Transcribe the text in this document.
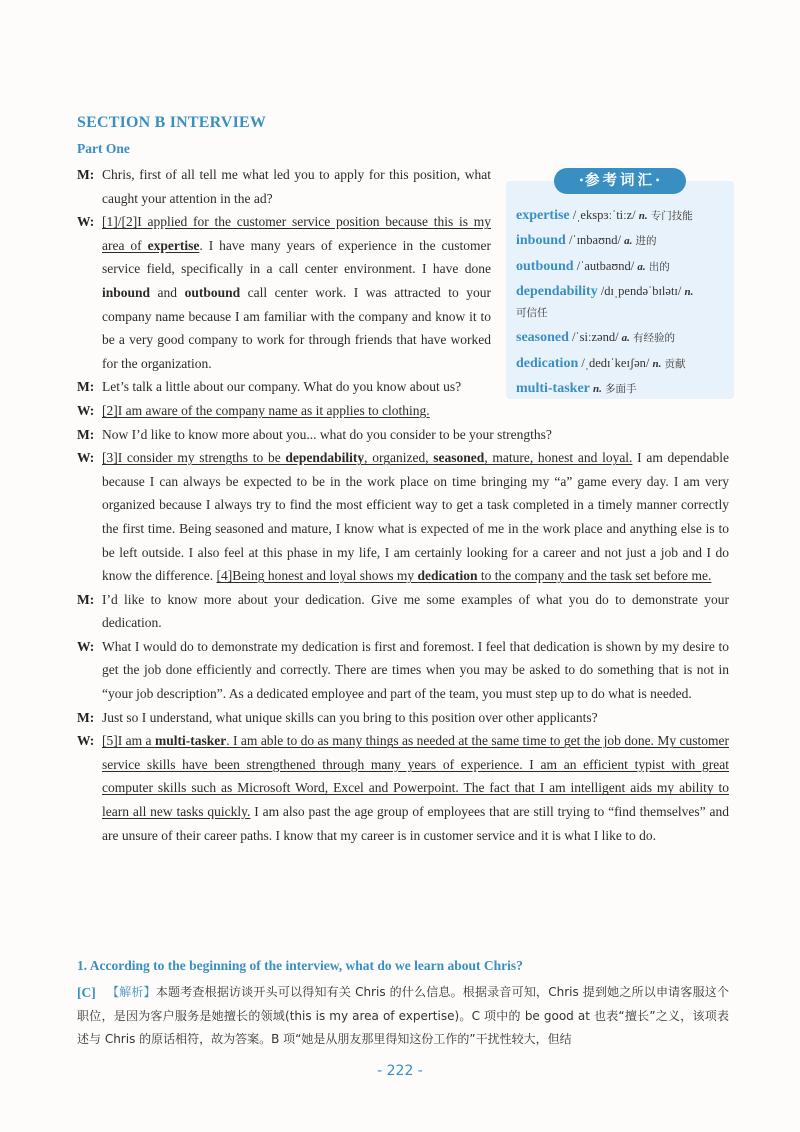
SECTION B INTERVIEW
Part One
•参考词汇•
expertise /ˌekspɜːˈtiːz/ n. 专门技能
inbound /ˈɪnbaʊnd/ a. 进的
outbound /ˈautbaʊnd/ a. 出的
dependability /dɪˌpendəˈbɪlətɪ/ n.
可信任
seasoned /ˈsiːzənd/ a. 有经验的
dedication /ˌdedɪˈkeɪʃən/ n. 贡献
multi-tasker n. 多面手
M: Chris, first of all tell me what led you to apply for this position, what caught your attention in the ad?
W: [1]/[2]I applied for the customer service position because this is my area of expertise. I have many years of experience in the customer service field, specifically in a call center environment. I have done inbound and outbound call center work. I was attracted to your company name because I am familiar with the company and know it to be a very good company to work for through friends that have worked for the organization.
M: Let’s talk a little about our company. What do you know about us?
W: [2]I am aware of the company name as it applies to clothing.
M: Now I’d like to know more about you... what do you consider to be your strengths?
W: [3]I consider my strengths to be dependability, organized, seasoned, mature, honest and loyal. I am dependable because I can always be expected to be in the work place on time bringing my “a” game every day. I am very organized because I always try to find the most efficient way to get a task completed in a timely manner correctly the first time. Being seasoned and mature, I know what is expected of me in the work place and anything else is to be left outside. I also feel at this phase in my life, I am certainly looking for a career and not just a job and I do know the difference. [4]Being honest and loyal shows my dedication to the company and the task set before me.
M: I’d like to know more about your dedication. Give me some examples of what you do to demonstrate your dedication.
W: What I would do to demonstrate my dedication is first and foremost. I feel that dedication is shown by my desire to get the job done efficiently and correctly. There are times when you may be asked to do something that is not in “your job description”. As a dedicated employee and part of the team, you must step up to do what is needed.
M: Just so I understand, what unique skills can you bring to this position over other applicants?
W: [5]I am a multi-tasker. I am able to do as many things as needed at the same time to get the job done. My customer service skills have been strengthened through many years of experience. I am an efficient typist with great computer skills such as Microsoft Word, Excel and Powerpoint. The fact that I am intelligent aids my ability to learn all new tasks quickly. I am also past the age group of employees that are still trying to “find themselves” and are unsure of their career paths. I know that my career is in customer service and it is what I like to do.
1. According to the beginning of the interview, what do we learn about Chris?
[C] 【解析】本题考查根据访谈开头可以得知有关 Chris 的什么信息。根据录音可知，Chris 提到她之所以申请客服这个职位，是因为客户服务是她擅长的领域(this is my area of expertise)。C 项中的 be good at 也表“擅长”之义，该项表述与 Chris 的原话相符，故为答案。B 项“她是从朋友那里得知这份工作的”干扰性较大，但结
- 222 -
